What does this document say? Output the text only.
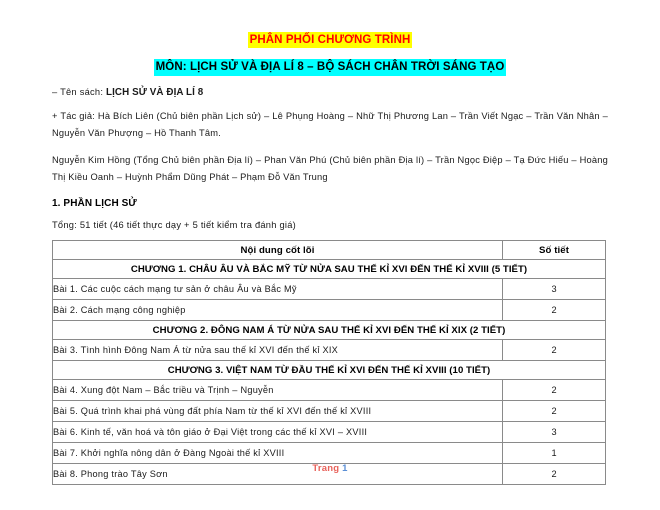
PHÂN PHỐI CHƯƠNG TRÌNH
MÔN: LỊCH SỬ VÀ ĐỊA LÍ 8 – BỘ SÁCH CHÂN TRỜI SÁNG TẠO
– Tên sách: LỊCH SỬ VÀ ĐỊA LÍ 8
+ Tác giả: Hà Bích Liên (Chủ biên phần Lịch sử) – Lê Phụng Hoàng – Nhữ Thị Phương Lan – Trần Viết Ngạc – Trần Văn Nhân – Nguyễn Văn Phượng – Hồ Thanh Tâm.
Nguyễn Kim Hồng (Tổng Chủ biên phần Địa lí) – Phan Văn Phú (Chủ biên phần Địa lí) – Trần Ngọc Điệp – Tạ Đức Hiếu – Hoàng Thị Kiều Oanh – Huỳnh Phẩm Dũng Phát – Phạm Đỗ Văn Trung
1. PHẦN LỊCH SỬ
Tổng: 51 tiết (46 tiết thực dạy + 5 tiết kiểm tra đánh giá)
Nội dung cốt lõi	Số tiết
CHƯƠNG 1. CHÂU ÂU VÀ BẮC MỸ TỪ NỬA SAU THẾ KỈ XVI ĐẾN THẾ KỈ XVIII (5 TIẾT)	
Bài 1. Các cuộc cách mạng tư sản ở châu Âu và Bắc Mỹ	3
Bài 2. Cách mạng công nghiệp	2
CHƯƠNG 2. ĐÔNG NAM Á TỪ NỬA SAU THẾ KỈ XVI ĐẾN THẾ KỈ XIX (2 TIẾT)	
Bài 3. Tình hình Đông Nam Á từ nửa sau thế kỉ XVI đến thế kỉ XIX	2
CHƯƠNG 3. VIỆT NAM TỪ ĐẦU THẾ KỈ XVI ĐẾN THẾ KỈ XVIII (10 TIẾT)	
Bài 4. Xung đột Nam – Bắc triều và Trịnh – Nguyễn	2
Bài 5. Quá trình khai phá vùng đất phía Nam từ thế kỉ XVI đến thế kỉ XVIII	2
Bài 6. Kinh tế, văn hoá và tôn giáo ở Đại Việt trong các thế kỉ XVI – XVIII	3
Bài 7. Khởi nghĩa nông dân ở Đàng Ngoài thế kỉ XVIII	1
Bài 8. Phong trào Tây Sơn	2
Trang 1
